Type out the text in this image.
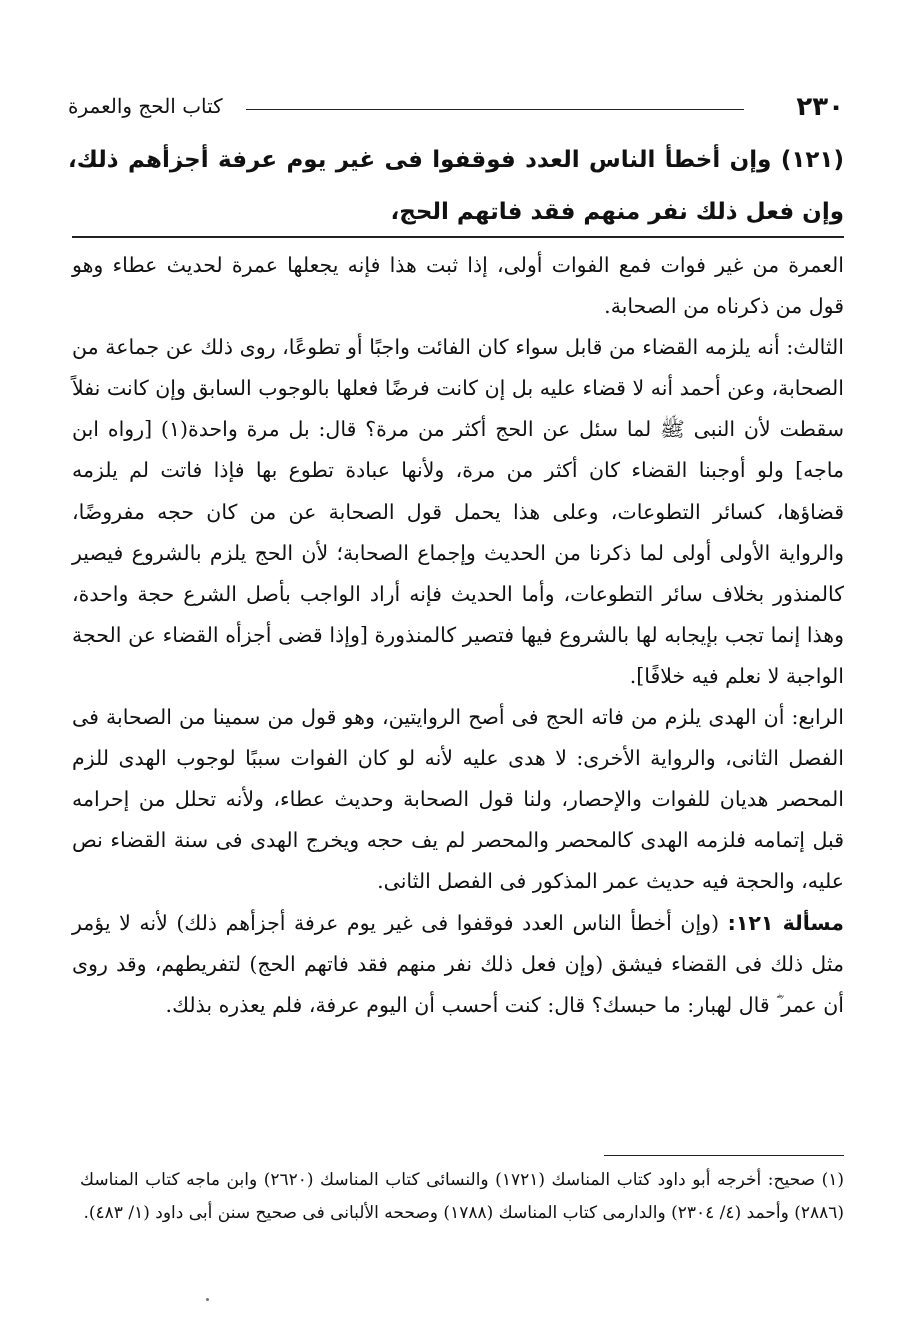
٢٣٠
كتاب الحج والعمرة
(١٢١) وإن أخطأ الناس العدد فوقفوا فى غير يوم عرفة أجزأهم ذلك، وإن فعل ذلك نفر منهم فقد فاتهم الحج،

العمرة من غير فوات فمع الفوات أولى، إذا ثبت هذا فإنه يجعلها عمرة لحديث عطاء وهو قول من ذكرناه من الصحابة.

الثالث: أنه يلزمه القضاء من قابل سواء كان الفائت واجبًا أو تطوعًا، روى ذلك عن جماعة من الصحابة، وعن أحمد أنه لا قضاء عليه بل إن كانت فرضًا فعلها بالوجوب السابق وإن كانت نفلاً سقطت لأن النبى ﷺ لما سئل عن الحج أكثر من مرة؟ قال: بل مرة واحدة(١) [رواه ابن ماجه] ولو أوجبنا القضاء كان أكثر من مرة، ولأنها عبادة تطوع بها فإذا فاتت لم يلزمه قضاؤها، كسائر التطوعات، وعلى هذا يحمل قول الصحابة عن من كان حجه مفروضًا، والرواية الأولى أولى لما ذكرنا من الحديث وإجماع الصحابة؛ لأن الحج يلزم بالشروع فيصير كالمنذور بخلاف سائر التطوعات، وأما الحديث فإنه أراد الواجب بأصل الشرع حجة واحدة، وهذا إنما تجب بإيجابه لها بالشروع فيها فتصير كالمنذورة [وإذا قضى أجزأه القضاء عن الحجة الواجبة لا نعلم فيه خلافًا].

الرابع: أن الهدى يلزم من فاته الحج فى أصح الروايتين، وهو قول من سمينا من الصحابة فى الفصل الثانى، والرواية الأخرى: لا هدى عليه لأنه لو كان الفوات سببًا لوجوب الهدى للزم المحصر هديان للفوات والإحصار، ولنا قول الصحابة وحديث عطاء، ولأنه تحلل من إحرامه قبل إتمامه فلزمه الهدى كالمحصر والمحصر لم يف حجه ويخرج الهدى فى سنة القضاء نص عليه، والحجة فيه حديث عمر المذكور فى الفصل الثانى.

مسألة ١٢١: (وإن أخطأ الناس العدد فوقفوا فى غير يوم عرفة أجزأهم ذلك) لأنه لا يؤمر مثل ذلك فى القضاء فيشق (وإن فعل ذلك نفر منهم فقد فاتهم الحج) لتفريطهم، وقد روى أن عمر ؓ قال لهبار: ما حبسك؟ قال: كنت أحسب أن اليوم عرفة، فلم يعذره بذلك.

(١) صحيح: أخرجه أبو داود كتاب المناسك (١٧٢١) والنسائى كتاب المناسك (٢٦٢٠) وابن ماجه كتاب المناسك (٢٨٨٦) وأحمد (٤/ ٢٣٠٤) والدارمى كتاب المناسك (١٧٨٨) وصححه الألبانى فى صحيح سنن أبى داود (١/ ٤٨٣).
